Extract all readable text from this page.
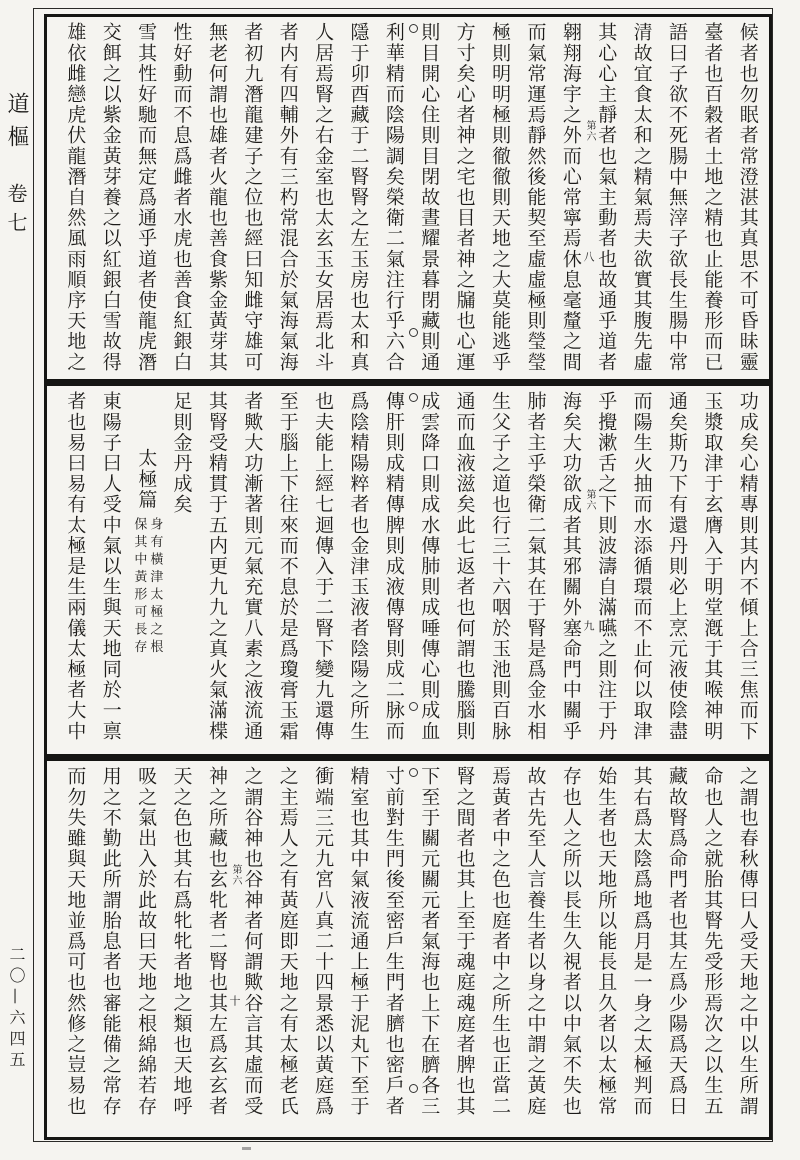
道樞
卷七
二〇—六四五
候者也勿眠者常澄湛其真思不可昏昧靈
臺者也百穀者土地之精也止能養形而已
語曰子欲不死腸中無滓子欲長生腸中常
清故宜食太和之精氣焉夫欲實其腹先虛
其心心主靜者也氣主動者也故通乎道者
翱翔海宇之外而心常寧焉休息毫釐之間
而氣常運焉靜然後能契至虛虛極則瑩瑩
極則明明極則徹徹則天地之大莫能逃乎
方寸矣心者神之宅也目者神之牖也心運
則目開心住則目閉故晝耀景暮閉藏則通
利華精而陰陽調矣榮衛二氣注行乎六合
隱于卯酉藏于二腎腎之左玉房也太和真
人居焉腎之右金室也太玄玉女居焉北斗
者内有四輔外有三杓常混合於氣海氣海
者初九潛龍建子之位也經曰知雌守雄可
無老何謂也雄者火龍也善食紫金黃芽其
性好動而不息爲雌者水虎也善食紅銀白
雪其性好馳而無定爲通乎道者使龍虎潛
交餌之以紫金黃芽養之以紅銀白雪故得
雄依雌戀虎伏龍潛自然風雨順序天地之	第六
八
功成矣心精專則其内不傾上合三焦而下
玉漿取津于玄膺入于明堂漑于其喉神明
通矣斯乃下有還丹則必上烹元液使陰盡
而陽生火抽而水添循環而不止何以取津
乎攪漱舌之下則波濤自滿嚥之則注于丹
海矣大功欲成者其邪關外塞命門中關乎
肺者主乎榮衛二氣其在于腎是爲金水相
生父子之道也行三十六咽於玉池則百脉
通而血液滋矣此七返者也何謂也騰腦則
成雲降口則成水傳肺則成唾傳心則成血
傳肝則成精傳脾則成液傳腎則成二脉而
爲陰精陽粹者也金津玉液者陰陽之所生
也夫能上經七迴傳入于二腎下變九還傳
至于腦上下往來而不息於是爲瓊膏玉霜
者歟大功漸著則元氣充實八素之液流通
其腎受精貫于五内更九九之真火氣滿楪
足則金丹成矣
太極篇
身有橫津太極之根
保其中黃形可長存
東陽子曰人受中氣以生與天地同於一禀
者也易曰易有太極是生兩儀太極者大中	第六
九
之謂也春秋傳曰人受天地之中以生所謂
命也人之就胎其腎先受形焉次之以生五
藏故腎爲命門者也其左爲少陽爲天爲日
其右爲太陰爲地爲月是一身之太極判而
始生者也天地所以能長且久者以太極常
存也人之所以長生久視者以中氣不失也
故古先至人言養生者以身之中謂之黃庭
焉黃者中之色也庭者中之所生也正當二
腎之間者也其上至于魂庭魂庭者脾也其
下至于關元關元者氣海也上下在臍各三
寸前對生門後至密戶生門者臍也密戶者
精室也其中氣液流通上極于泥丸下至于
衝端三元九宮八真二十四景悉以黃庭爲
之主焉人之有黃庭即天地之有太極老氏
之謂谷神也谷神者何謂歟谷言其虛而受
神之所藏也玄牝者二腎也其左爲玄玄者
天之色也其右爲牝牝者地之類也天地呼
吸之氣出入於此故曰天地之根綿綿若存
用之不勤此所謂胎息者也審能備之常存
而勿失雖與天地並爲可也然修之豈易也	第六
十
